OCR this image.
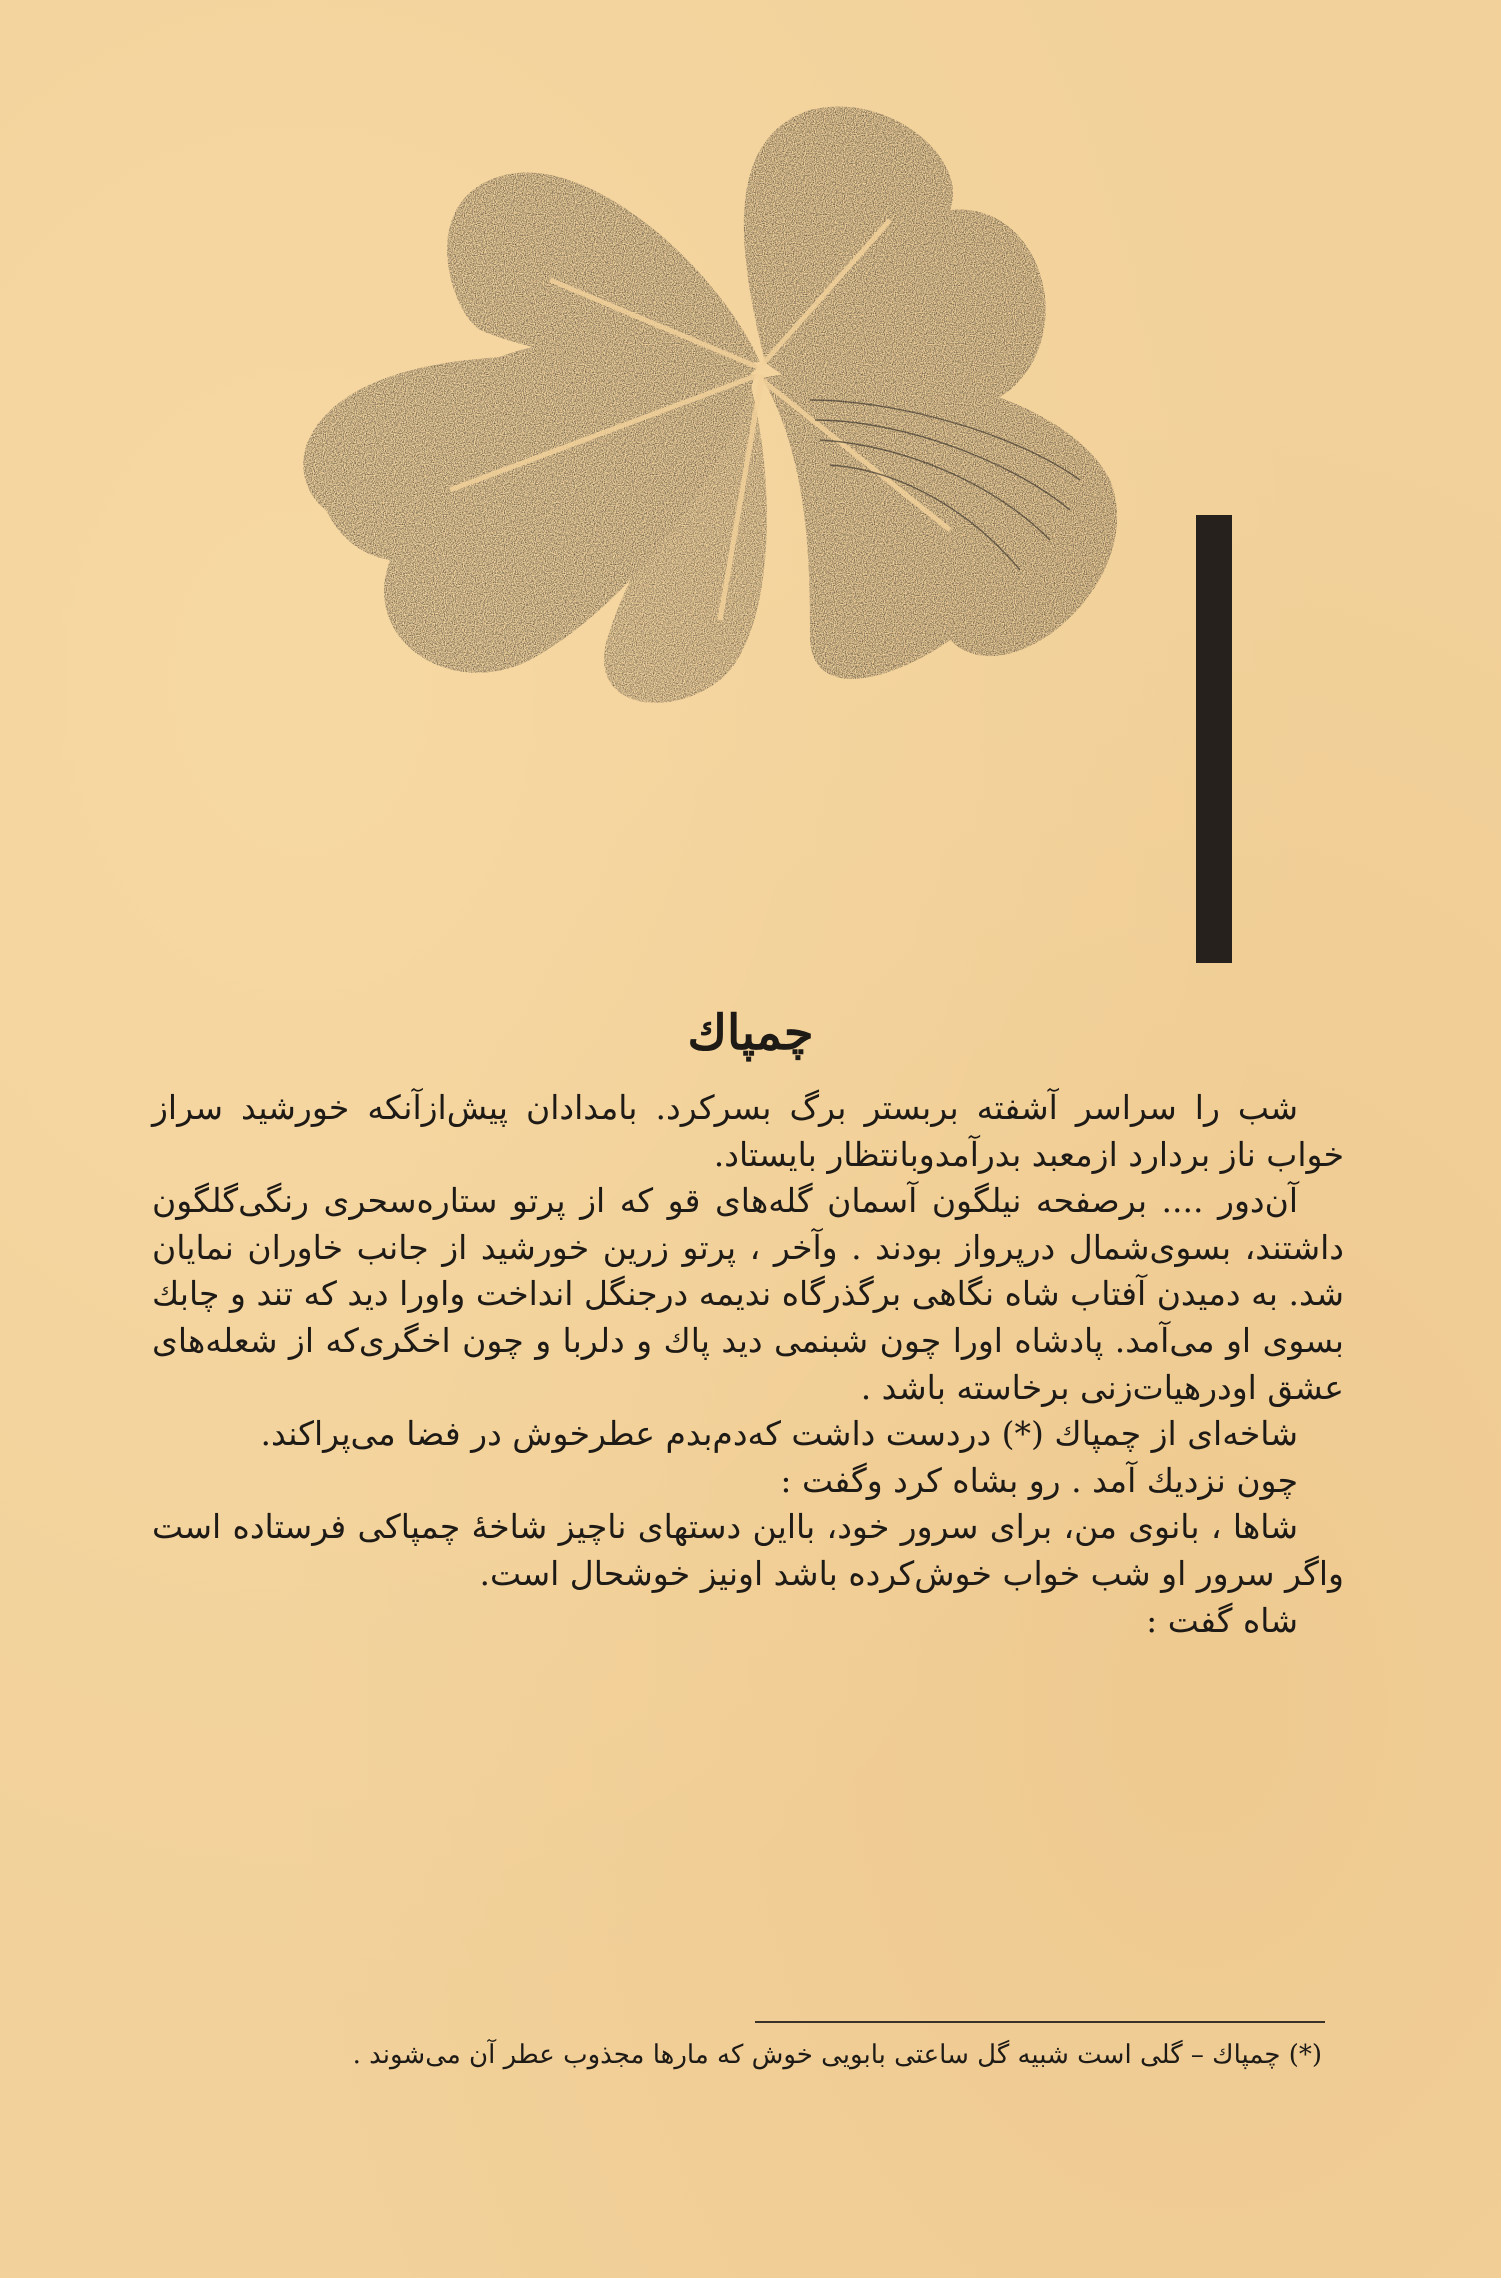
چمپاك

شب را سراسر آشفته بربستر برگ بسرکرد. بامدادان پیش‌ازآنکه خورشید سراز خواب ناز بردارد ازمعبد بدرآمدوبانتظار بایستاد.

آن‌دور .... برصفحه نیلگون آسمان گله‌های قو که از پرتو ستاره‌سحری رنگی‌گلگون داشتند، بسوی‌شمال درپرواز بودند . وآخر ، پرتو زرین خورشید از جانب خاوران نمایان شد. به دمیدن آفتاب شاه نگاهی برگذرگاه ندیمه درجنگل انداخت واورا دید که تند و چابك بسوی او می‌آمد. پادشاه اورا چون شبنمی دید پاك و دلربا و چون اخگری‌که از شعله‌های عشق اودرهیات‌زنی برخاسته باشد .

شاخه‌ای از چمپاك (*) دردست داشت که‌دم‌بدم عطرخوش در فضا می‌پراکند.

چون نزدیك آمد . رو بشاه کرد وگفت :

شاها ، بانوی من، برای سرور خود، بااین دستهای ناچیز شاخهٔ چمپاکی فرستاده است واگر سرور او شب خواب خوش‌کرده باشد اونیز خوشحال است.

شاه گفت :

(*) چمپاك – گلی است شبیه گل ساعتی بابویی خوش که مارها مجذوب عطر آن می‌شوند .
